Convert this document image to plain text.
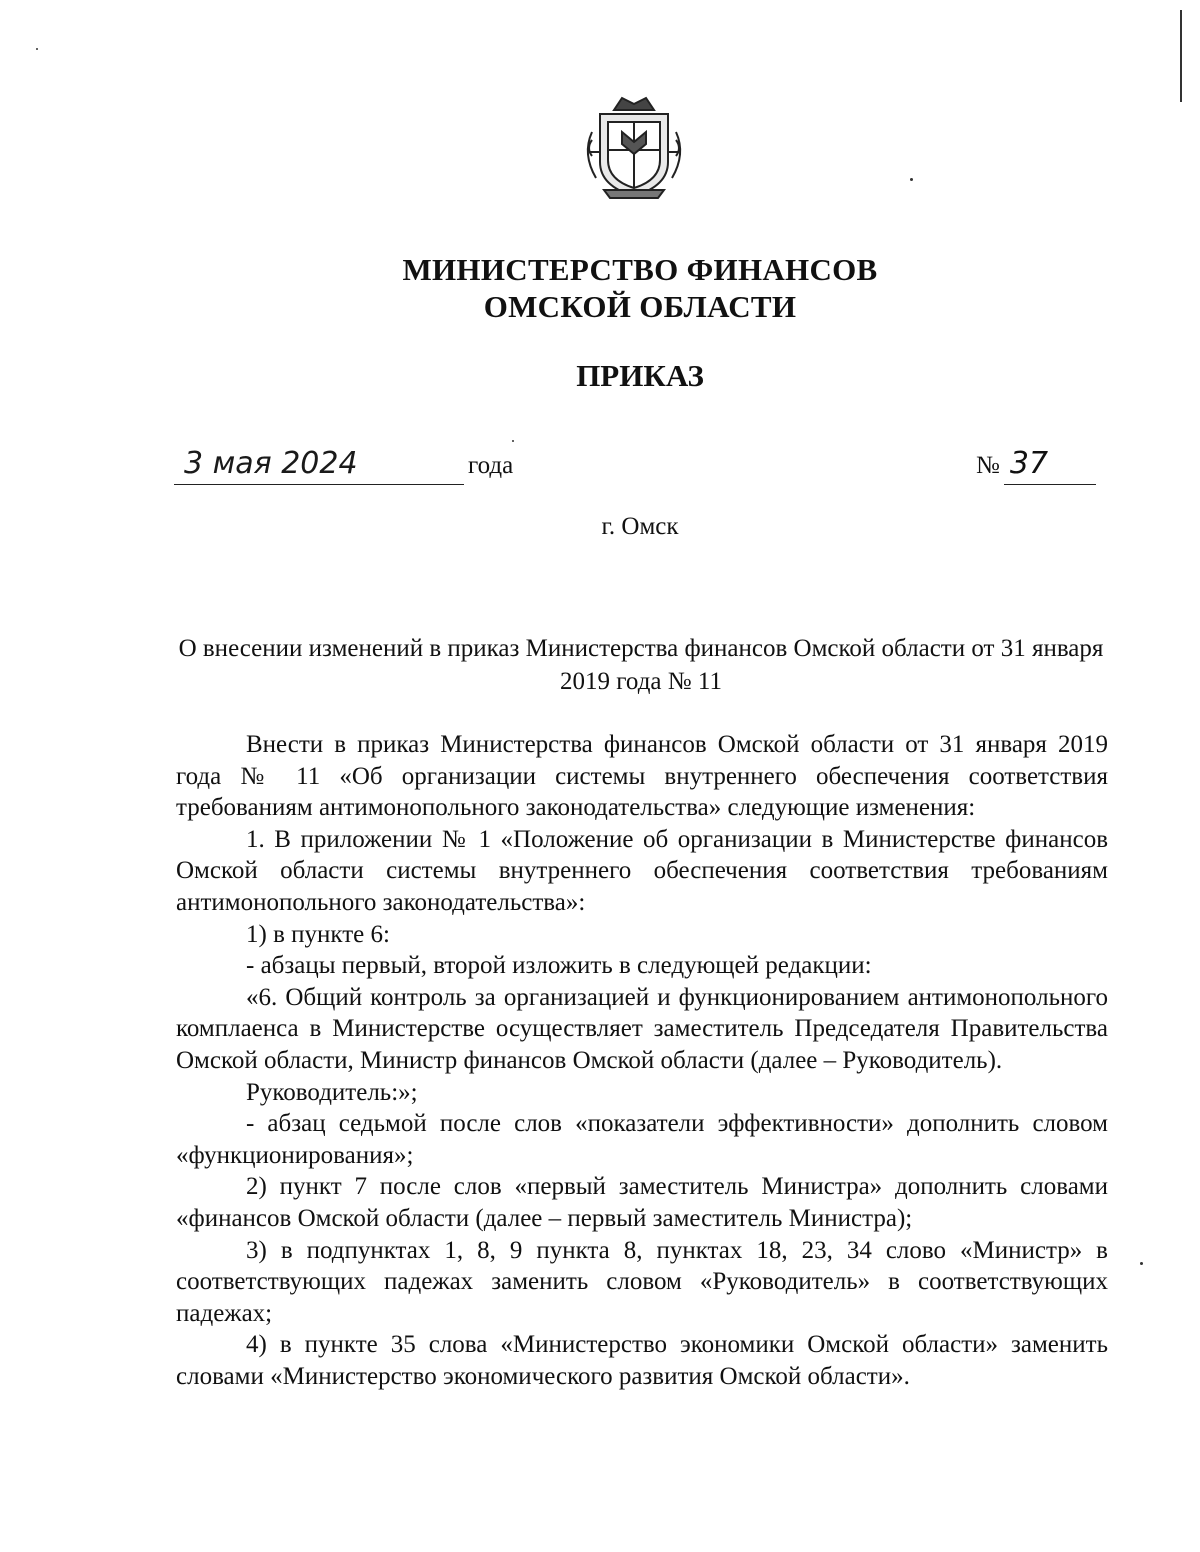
МИНИСТЕРСТВО ФИНАНСОВ
ОМСКОЙ ОБЛАСТИ
ПРИКАЗ
3 мая 2024	года	№ 37
г. Омск
О внесении изменений в приказ Министерства финансов Омской области от 31 января 2019 года № 11

Внести в приказ Министерства финансов Омской области от 31 января 2019 года № 11 «Об организации системы внутреннего обеспечения соответствия требованиям антимонопольного законодательства» следующие изменения:

1. В приложении № 1 «Положение об организации в Министерстве финансов Омской области системы внутреннего обеспечения соответствия требованиям антимонопольного законодательства»:

1) в пункте 6:

- абзацы первый, второй изложить в следующей редакции:

«6. Общий контроль за организацией и функционированием антимонопольного комплаенса в Министерстве осуществляет заместитель Председателя Правительства Омской области, Министр финансов Омской области (далее – Руководитель).

Руководитель:»;

- абзац седьмой после слов «показатели эффективности» дополнить словом «функционирования»;

2) пункт 7 после слов «первый заместитель Министра» дополнить словами «финансов Омской области (далее – первый заместитель Министра);

3) в подпунктах 1, 8, 9 пункта 8, пунктах 18, 23, 34 слово «Министр» в соответствующих падежах заменить словом «Руководитель» в соответствующих падежах;

4) в пункте 35 слова «Министерство экономики Омской области» заменить словами «Министерство экономического развития Омской области».
